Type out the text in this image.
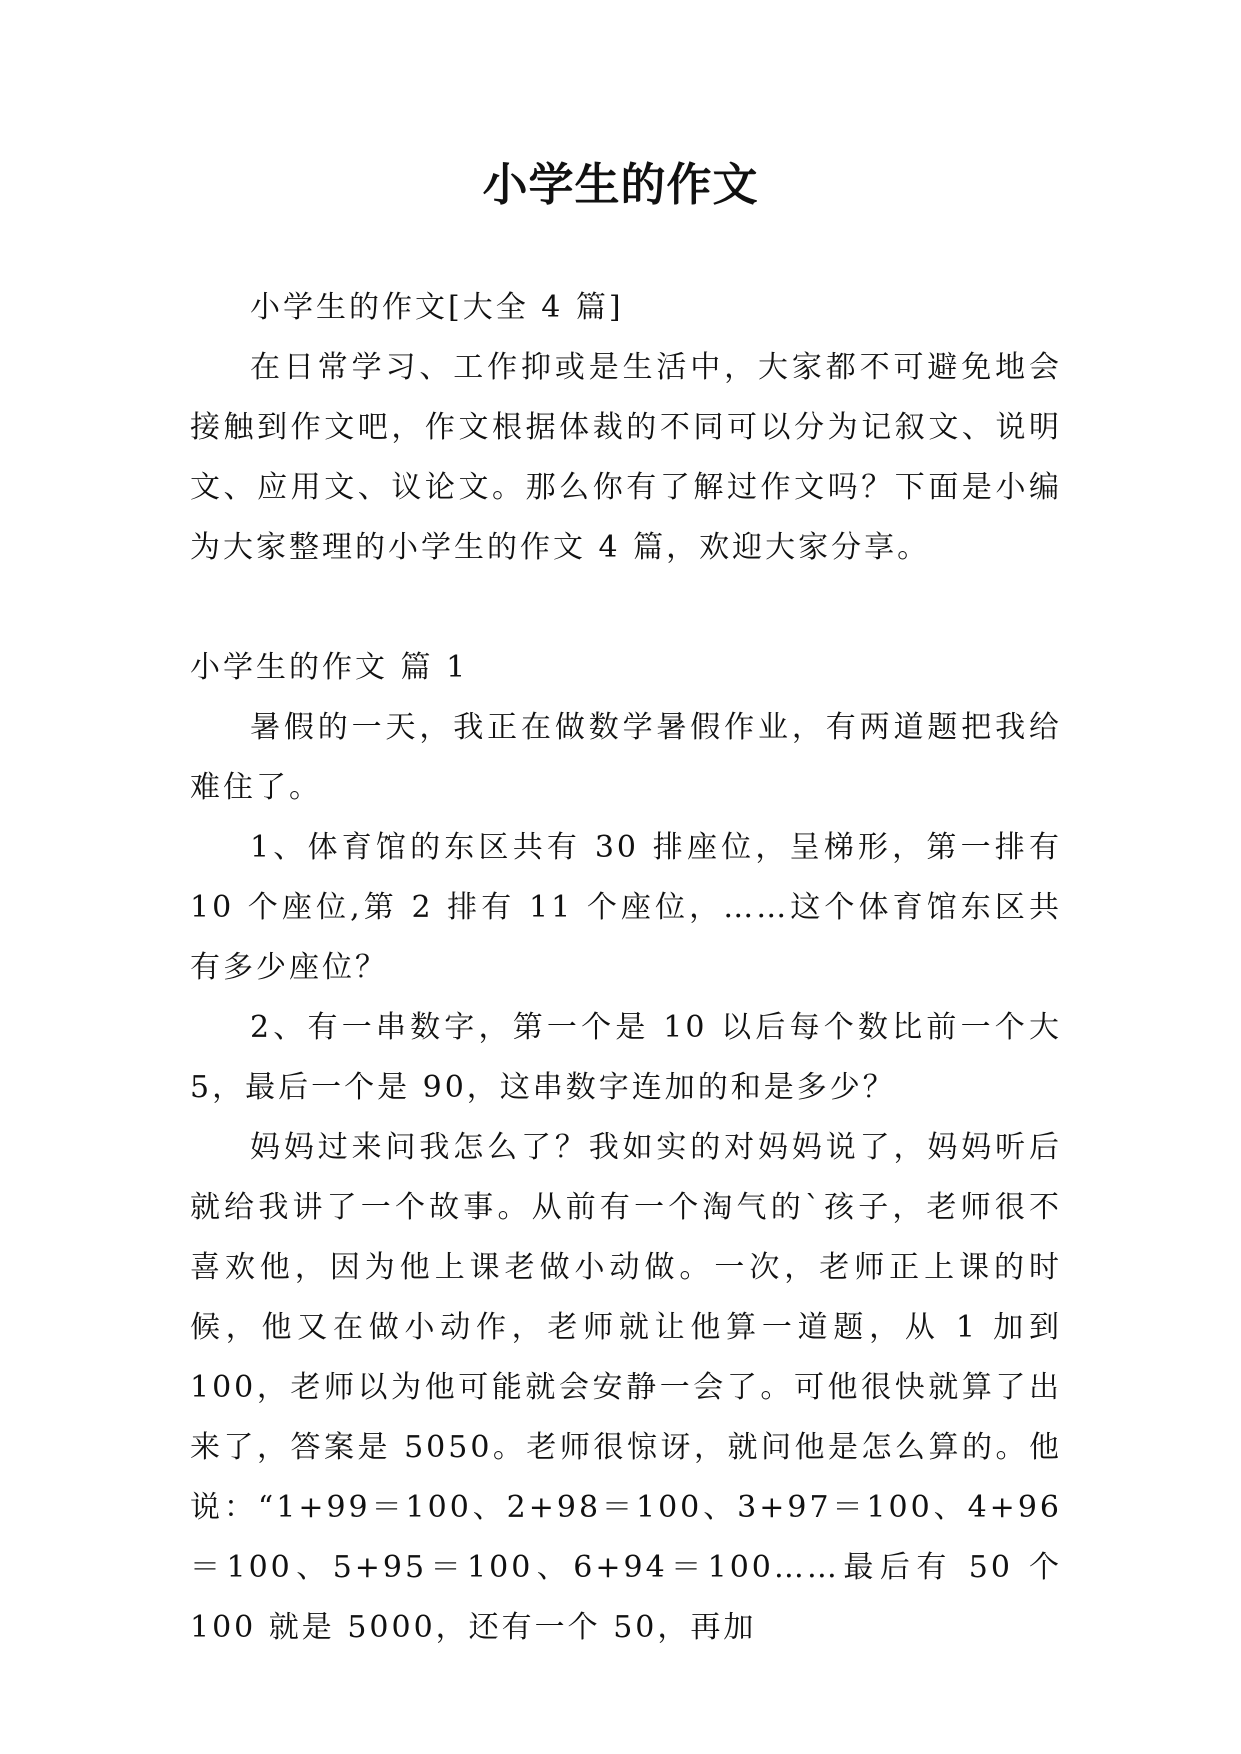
小学生的作文

小学生的作文[大全 4 篇]

在日常学习、工作抑或是生活中，大家都不可避免地会接触到作文吧，作文根据体裁的不同可以分为记叙文、说明文、应用文、议论文。那么你有了解过作文吗？下面是小编为大家整理的小学生的作文 4 篇，欢迎大家分享。

小学生的作文 篇 1

暑假的一天，我正在做数学暑假作业，有两道题把我给难住了。

1、体育馆的东区共有 30 排座位，呈梯形，第一排有 10 个座位,第 2 排有 11 个座位，……这个体育馆东区共有多少座位？

2、有一串数字，第一个是 10 以后每个数比前一个大 5，最后一个是 90，这串数字连加的和是多少？

妈妈过来问我怎么了？我如实的对妈妈说了，妈妈听后就给我讲了一个故事。从前有一个淘气的`孩子，老师很不喜欢他，因为他上课老做小动做。一次，老师正上课的时候，他又在做小动作，老师就让他算一道题，从 1 加到 100，老师以为他可能就会安静一会了。可他很快就算了出来了，答案是 5050。老师很惊讶，就问他是怎么算的。他说：“1+99＝100、2+98＝100、3+97＝100、4+96＝100、5+95＝100、6+94＝100……最后有 50 个 100 就是 5000，还有一个 50，再加
